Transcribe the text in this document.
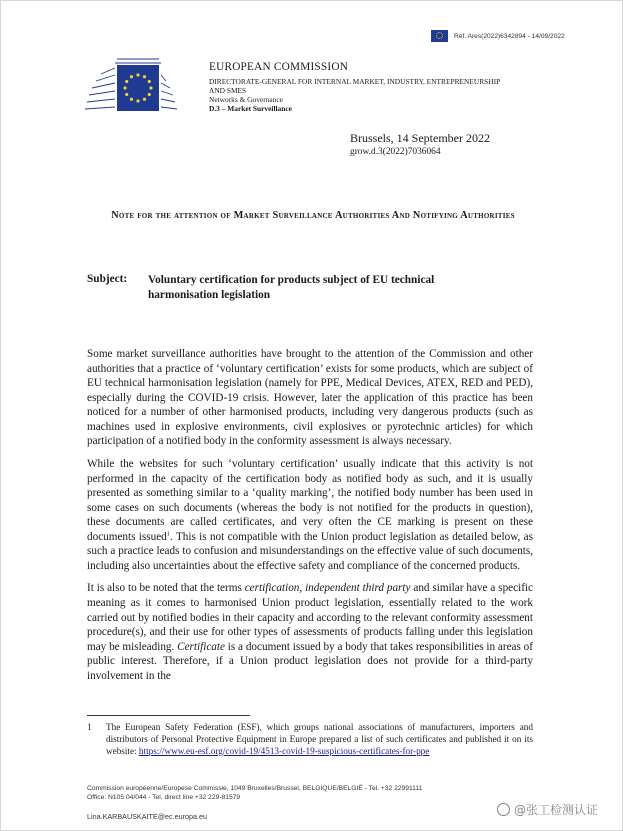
Ref. Ares(2022)6342894 - 14/09/2022
EUROPEAN COMMISSION
DIRECTORATE-GENERAL FOR INTERNAL MARKET, INDUSTRY, ENTREPRENEURSHIP
AND SMES
Networks & Governance
D.3 – Market Surveillance
Brussels, 14 September 2022
grow.d.3(2022)7036064
Note for the attention of Market Surveillance Authorities And Notifying Authorities
Subject: Voluntary certification for products subject of EU technical harmonisation legislation

Some market surveillance authorities have brought to the attention of the Commission and other authorities that a practice of ‘voluntary certification’ exists for some products, which are subject of EU technical harmonisation legislation (namely for PPE, Medical Devices, ATEX, RED and PED), especially during the COVID-19 crisis. However, later the application of this practice has been noticed for a number of other harmonised products, including very dangerous products (such as machines used in explosive environments, civil explosives or pyrotechnic articles) for which participation of a notified body in the conformity assessment is always necessary.

While the websites for such ‘voluntary certification’ usually indicate that this activity is not performed in the capacity of the certification body as notified body as such, and it is usually presented as something similar to a ‘quality marking’, the notified body number has been used in some cases on such documents (whereas the body is not notified for the products in question), these documents are called certificates, and very often the CE marking is present on these documents issued$^1$. This is not compatible with the Union product legislation as detailed below, as such a practice leads to confusion and misunderstandings on the effective value of such documents, including also uncertainties about the effective safety and compliance of the concerned products.

It is also to be noted that the terms certification, independent third party and similar have a specific meaning as it comes to harmonised Union product legislation, essentially related to the work carried out by notified bodies in their capacity and according to the relevant conformity assessment procedure(s), and their use for other types of assessments of products falling under this legislation may be misleading. Certificate is a document issued by a body that takes responsibilities in areas of public interest. Therefore, if a Union product legislation does not provide for a third-party involvement in the

1	The European Safety Federation (ESF), which groups national associations of manufacturers, importers and distributors of Personal Protective Equipment in Europe prepared a list of such certificates and published it on its website: https://www.eu-esf.org/covid-19/4513-covid-19-suspicious-certificates-for-ppe
Commission européenne/Europese Commissie, 1049 Bruxelles/Brussel, BELGIQUE/BELGIË - Tel. +32 22991111
Office: N105 04/044 - Tel. direct line +32 229-81579
Lina.KARBAUSKAITE@ec.europa.eu	@张工检测认证
